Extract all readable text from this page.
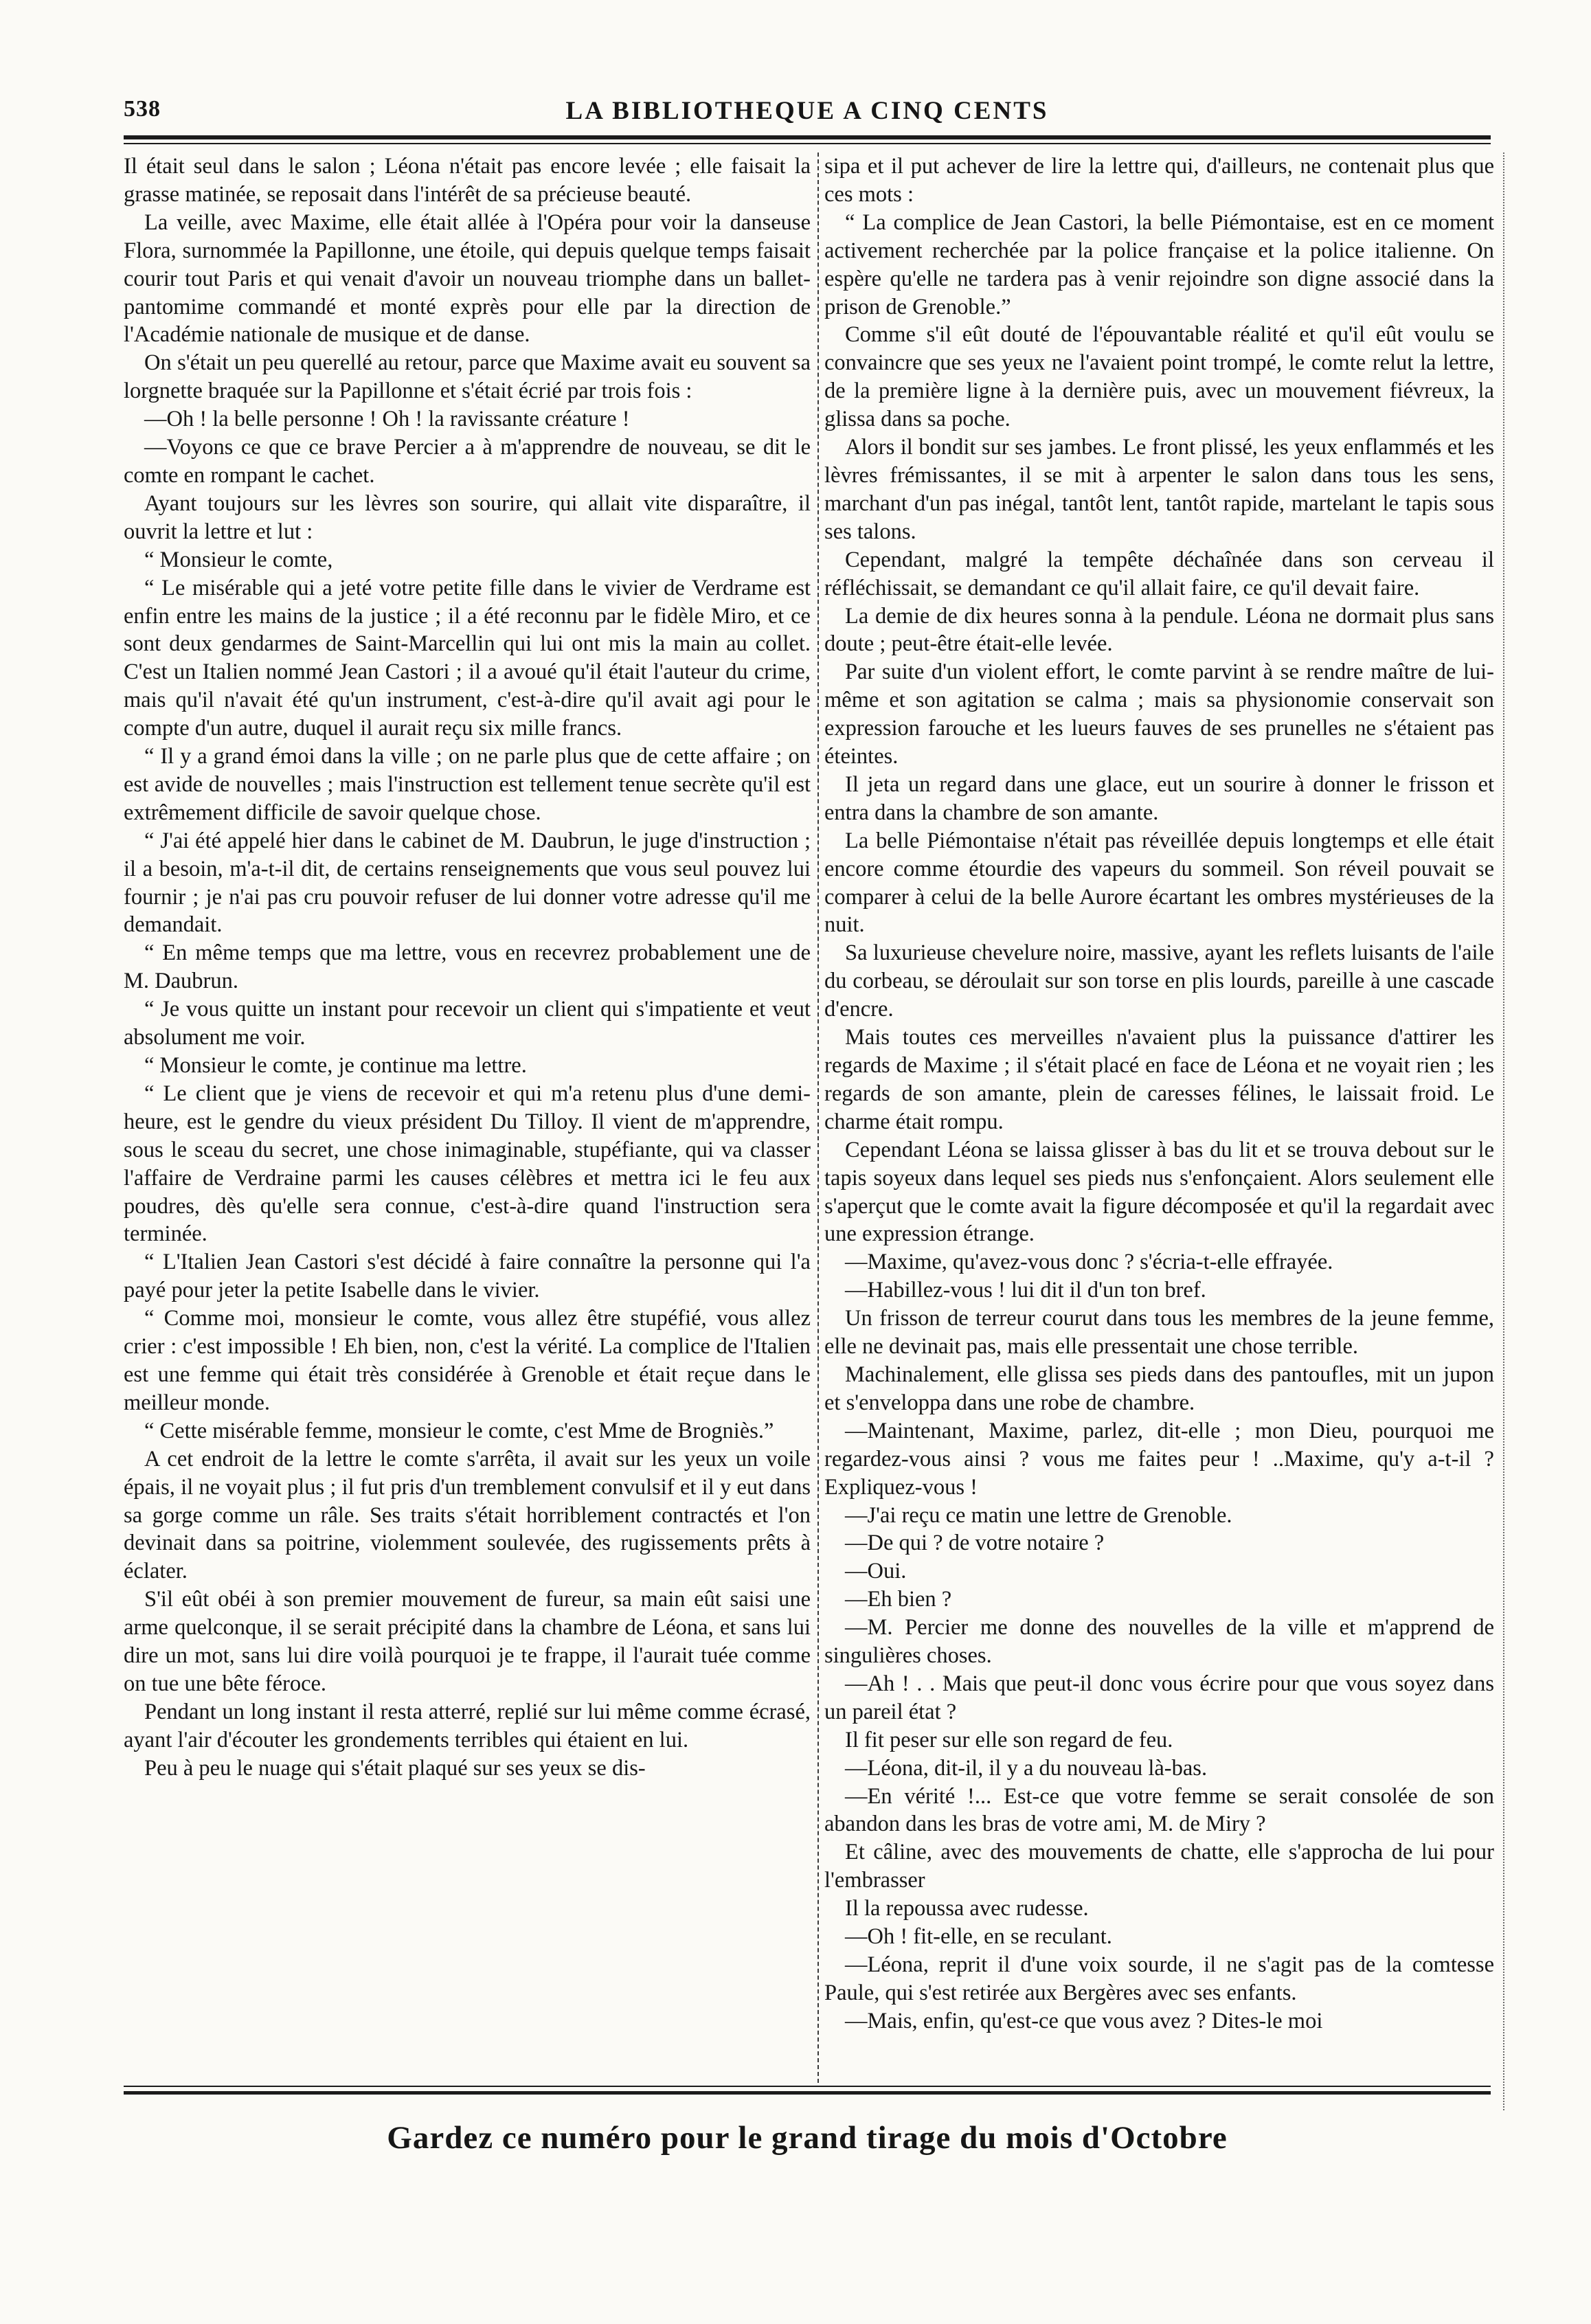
538	LA BIBLIOTHEQUE A CINQ CENTS

Il était seul dans le salon ; Léona n'était pas encore levée ; elle faisait la grasse matinée, se reposait dans l'intérêt de sa précieuse beauté.

La veille, avec Maxime, elle était allée à l'Opéra pour voir la danseuse Flora, surnommée la Papillonne, une étoile, qui depuis quelque temps faisait courir tout Paris et qui venait d'avoir un nouveau triomphe dans un ballet-pantomime commandé et monté exprès pour elle par la direction de l'Académie nationale de musique et de danse.

On s'était un peu querellé au retour, parce que Maxime avait eu souvent sa lorgnette braquée sur la Papillonne et s'était écrié par trois fois :

—Oh ! la belle personne ! Oh ! la ravissante créature !

—Voyons ce que ce brave Percier a à m'apprendre de nouveau, se dit le comte en rompant le cachet.

Ayant toujours sur les lèvres son sourire, qui allait vite disparaître, il ouvrit la lettre et lut :

“ Monsieur le comte,

“ Le misérable qui a jeté votre petite fille dans le vivier de Verdrame est enfin entre les mains de la justice ; il a été reconnu par le fidèle Miro, et ce sont deux gendarmes de Saint-Marcellin qui lui ont mis la main au collet. C'est un Italien nommé Jean Castori ; il a avoué qu'il était l'auteur du crime, mais qu'il n'avait été qu'un instrument, c'est-à-dire qu'il avait agi pour le compte d'un autre, duquel il aurait reçu six mille francs.

“ Il y a grand émoi dans la ville ; on ne parle plus que de cette affaire ; on est avide de nouvelles ; mais l'instruction est tellement tenue secrète qu'il est extrêmement difficile de savoir quelque chose.

“ J'ai été appelé hier dans le cabinet de M. Daubrun, le juge d'instruction ; il a besoin, m'a-t-il dit, de certains renseignements que vous seul pouvez lui fournir ; je n'ai pas cru pouvoir refuser de lui donner votre adresse qu'il me demandait.

“ En même temps que ma lettre, vous en recevrez probablement une de M. Daubrun.

“ Je vous quitte un instant pour recevoir un client qui s'impatiente et veut absolument me voir.

“ Monsieur le comte, je continue ma lettre.

“ Le client que je viens de recevoir et qui m'a retenu plus d'une demi-heure, est le gendre du vieux président Du Tilloy. Il vient de m'apprendre, sous le sceau du secret, une chose inimaginable, stupéfiante, qui va classer l'affaire de Verdraine parmi les causes célèbres et mettra ici le feu aux poudres, dès qu'elle sera connue, c'est-à-dire quand l'instruction sera terminée.

“ L'Italien Jean Castori s'est décidé à faire connaître la personne qui l'a payé pour jeter la petite Isabelle dans le vivier.

“ Comme moi, monsieur le comte, vous allez être stupéfié, vous allez crier : c'est impossible ! Eh bien, non, c'est la vérité. La complice de l'Italien est une femme qui était très considérée à Grenoble et était reçue dans le meilleur monde.

“ Cette misérable femme, monsieur le comte, c'est Mme de Brogniès.”

A cet endroit de la lettre le comte s'arrêta, il avait sur les yeux un voile épais, il ne voyait plus ; il fut pris d'un tremblement convulsif et il y eut dans sa gorge comme un râle. Ses traits s'était horriblement contractés et l'on devinait dans sa poitrine, violemment soulevée, des rugissements prêts à éclater.

S'il eût obéi à son premier mouvement de fureur, sa main eût saisi une arme quelconque, il se serait précipité dans la chambre de Léona, et sans lui dire un mot, sans lui dire voilà pourquoi je te frappe, il l'aurait tuée comme on tue une bête féroce.

Pendant un long instant il resta atterré, replié sur lui même comme écrasé, ayant l'air d'écouter les grondements terribles qui étaient en lui.

Peu à peu le nuage qui s'était plaqué sur ses yeux se dis-

sipa et il put achever de lire la lettre qui, d'ailleurs, ne contenait plus que ces mots :

“ La complice de Jean Castori, la belle Piémontaise, est en ce moment activement recherchée par la police française et la police italienne. On espère qu'elle ne tardera pas à venir rejoindre son digne associé dans la prison de Grenoble.”

Comme s'il eût douté de l'épouvantable réalité et qu'il eût voulu se convaincre que ses yeux ne l'avaient point trompé, le comte relut la lettre, de la première ligne à la dernière puis, avec un mouvement fiévreux, la glissa dans sa poche.

Alors il bondit sur ses jambes. Le front plissé, les yeux enflammés et les lèvres frémissantes, il se mit à arpenter le salon dans tous les sens, marchant d'un pas inégal, tantôt lent, tantôt rapide, martelant le tapis sous ses talons.

Cependant, malgré la tempête déchaînée dans son cerveau il réfléchissait, se demandant ce qu'il allait faire, ce qu'il devait faire.

La demie de dix heures sonna à la pendule. Léona ne dormait plus sans doute ; peut-être était-elle levée.

Par suite d'un violent effort, le comte parvint à se rendre maître de lui-même et son agitation se calma ; mais sa physionomie conservait son expression farouche et les lueurs fauves de ses prunelles ne s'étaient pas éteintes.

Il jeta un regard dans une glace, eut un sourire à donner le frisson et entra dans la chambre de son amante.

La belle Piémontaise n'était pas réveillée depuis longtemps et elle était encore comme étourdie des vapeurs du sommeil. Son réveil pouvait se comparer à celui de la belle Aurore écartant les ombres mystérieuses de la nuit.

Sa luxurieuse chevelure noire, massive, ayant les reflets luisants de l'aile du corbeau, se déroulait sur son torse en plis lourds, pareille à une cascade d'encre.

Mais toutes ces merveilles n'avaient plus la puissance d'attirer les regards de Maxime ; il s'était placé en face de Léona et ne voyait rien ; les regards de son amante, plein de caresses félines, le laissait froid. Le charme était rompu.

Cependant Léona se laissa glisser à bas du lit et se trouva debout sur le tapis soyeux dans lequel ses pieds nus s'enfonçaient. Alors seulement elle s'aperçut que le comte avait la figure décomposée et qu'il la regardait avec une expression étrange.

—Maxime, qu'avez-vous donc ? s'écria-t-elle effrayée.

—Habillez-vous ! lui dit il d'un ton bref.

Un frisson de terreur courut dans tous les membres de la jeune femme, elle ne devinait pas, mais elle pressentait une chose terrible.

Machinalement, elle glissa ses pieds dans des pantoufles, mit un jupon et s'enveloppa dans une robe de chambre.

—Maintenant, Maxime, parlez, dit-elle ; mon Dieu, pourquoi me regardez-vous ainsi ? vous me faites peur ! ..Maxime, qu'y a-t-il ? Expliquez-vous !

—J'ai reçu ce matin une lettre de Grenoble.

—De qui ? de votre notaire ?

—Oui.

—Eh bien ?

—M. Percier me donne des nouvelles de la ville et m'apprend de singulières choses.

—Ah ! . . Mais que peut-il donc vous écrire pour que vous soyez dans un pareil état ?

Il fit peser sur elle son regard de feu.

—Léona, dit-il, il y a du nouveau là-bas.

—En vérité !... Est-ce que votre femme se serait consolée de son abandon dans les bras de votre ami, M. de Miry ?

Et câline, avec des mouvements de chatte, elle s'approcha de lui pour l'embrasser

Il la repoussa avec rudesse.

—Oh ! fit-elle, en se reculant.

—Léona, reprit il d'une voix sourde, il ne s'agit pas de la comtesse Paule, qui s'est retirée aux Bergères avec ses enfants.

—Mais, enfin, qu'est-ce que vous avez ? Dites-le moi

Gardez ce numéro pour le grand tirage du mois d'Octobre
